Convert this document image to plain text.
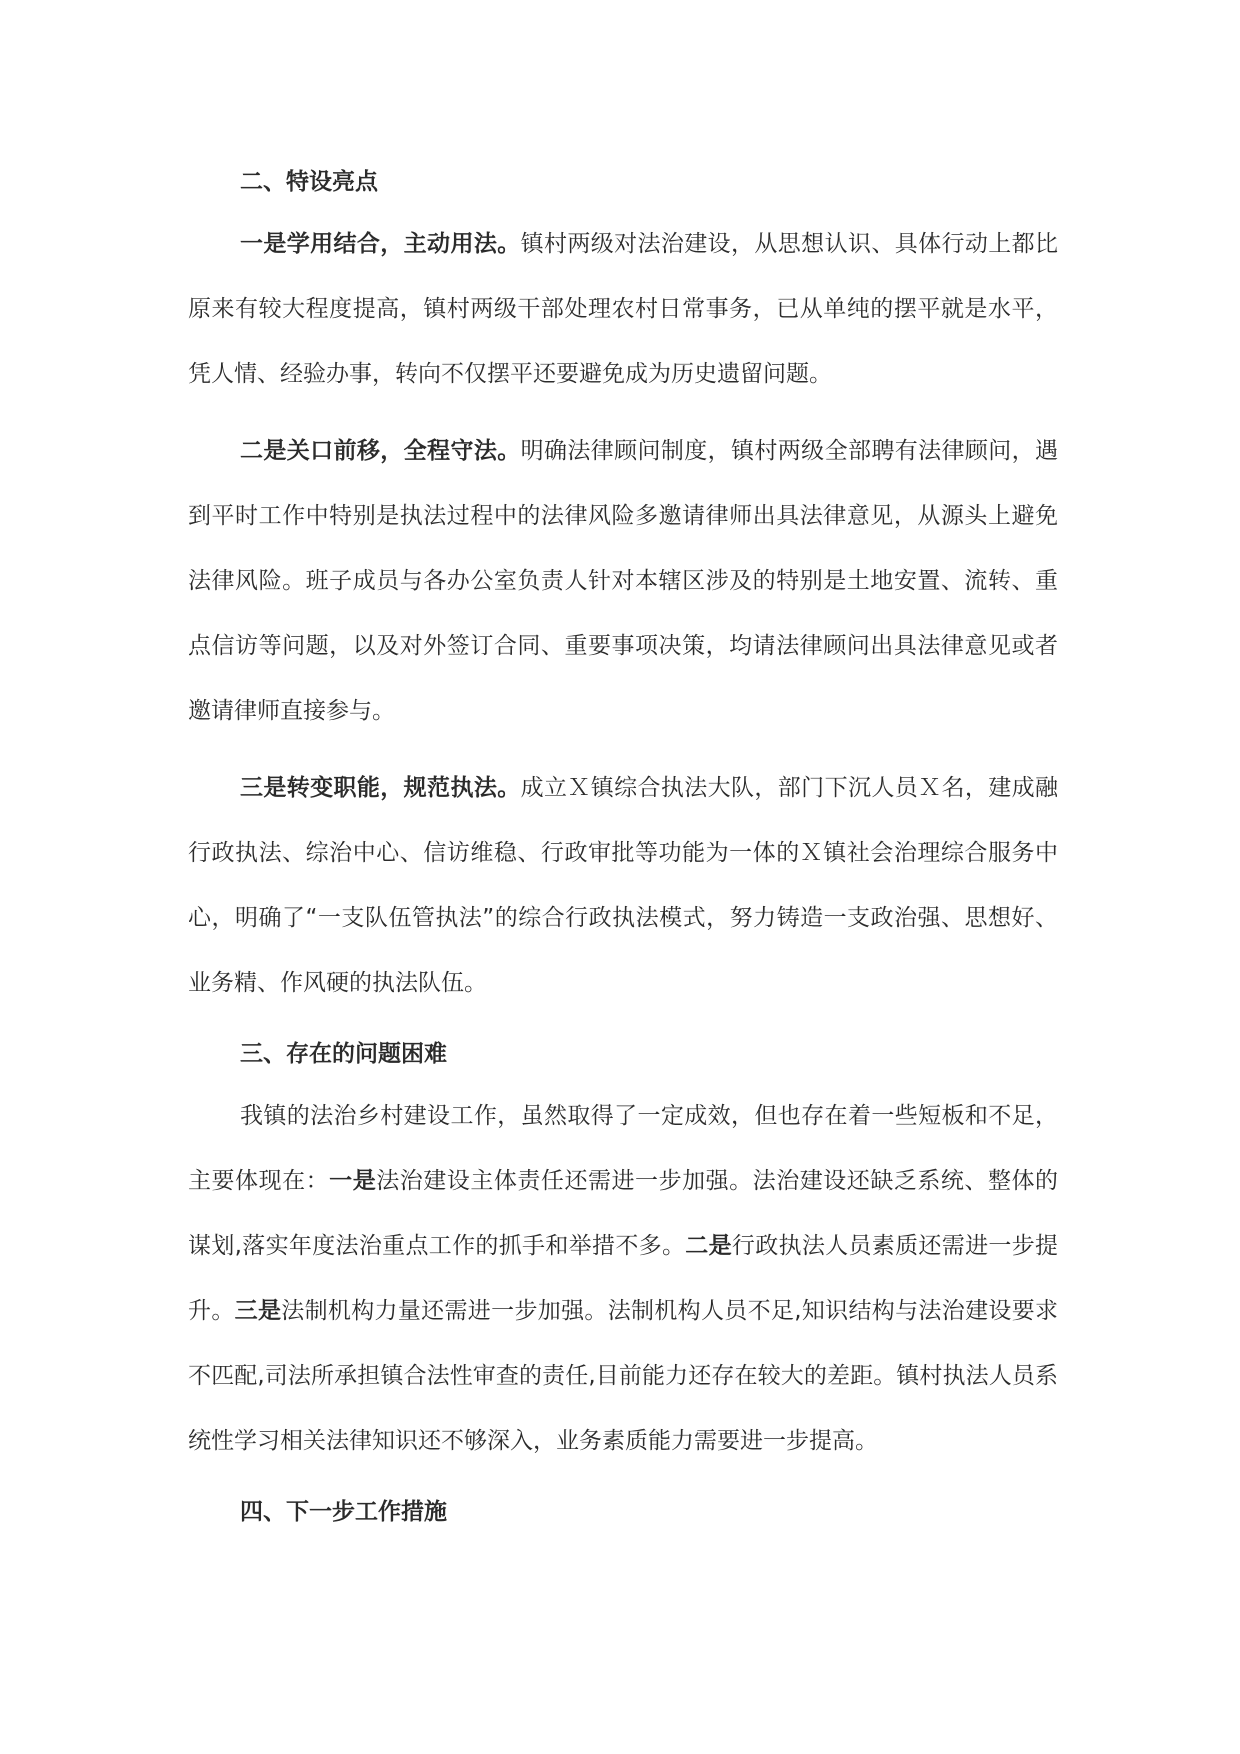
二、特设亮点

一是学用结合，主动用法。镇村两级对法治建设，从思想认识、具体行动上都比原来有较大程度提高，镇村两级干部处理农村日常事务，已从单纯的摆平就是水平，凭人情、经验办事，转向不仅摆平还要避免成为历史遗留问题。

二是关口前移，全程守法。明确法律顾问制度，镇村两级全部聘有法律顾问，遇到平时工作中特别是执法过程中的法律风险多邀请律师出具法律意见，从源头上避免法律风险。班子成员与各办公室负责人针对本辖区涉及的特别是土地安置、流转、重点信访等问题，以及对外签订合同、重要事项决策，均请法律顾问出具法律意见或者邀请律师直接参与。

三是转变职能，规范执法。成立Ｘ镇综合执法大队，部门下沉人员Ｘ名，建成融行政执法、综治中心、信访维稳、行政审批等功能为一体的Ｘ镇社会治理综合服务中心，明确了“一支队伍管执法”的综合行政执法模式，努力铸造一支政治强、思想好、业务精、作风硬的执法队伍。

三、存在的问题困难

我镇的法治乡村建设工作，虽然取得了一定成效，但也存在着一些短板和不足，主要体现在：一是法治建设主体责任还需进一步加强。法治建设还缺乏系统、整体的谋划,落实年度法治重点工作的抓手和举措不多。二是行政执法人员素质还需进一步提升。三是法制机构力量还需进一步加强。法制机构人员不足,知识结构与法治建设要求不匹配,司法所承担镇合法性审查的责任,目前能力还存在较大的差距。镇村执法人员系统性学习相关法律知识还不够深入，业务素质能力需要进一步提高。

四、下一步工作措施
